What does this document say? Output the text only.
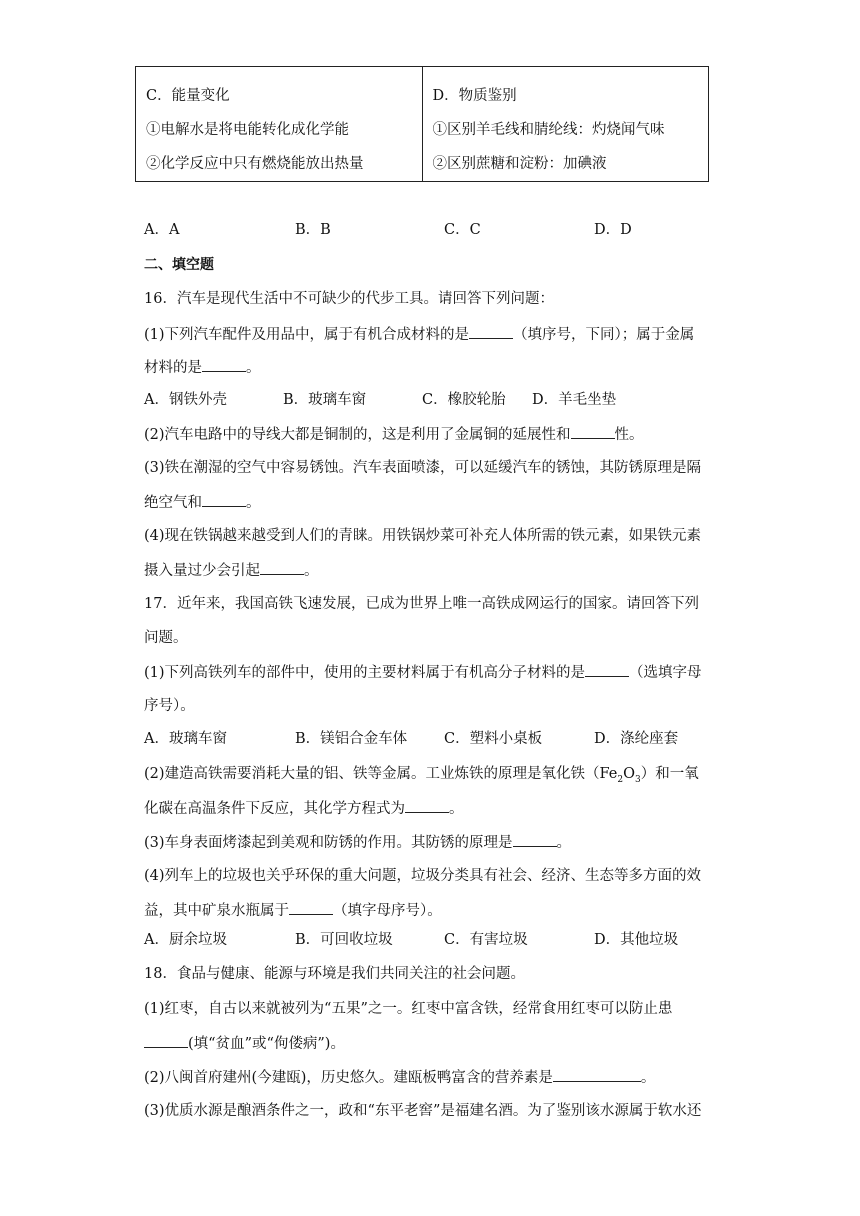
C．能量变化
①电解水是将电能转化成化学能
②化学反应中只有燃烧能放出热量

D．物质鉴别
①区别羊毛线和腈纶线：灼烧闻气味
②区别蔗糖和淀粉：加碘液
A．A	B．B	C．C	D．D
二、填空题
16．汽车是现代生活中不可缺少的代步工具。请回答下列问题：
(1)下列汽车配件及用品中，属于有机合成材料的是	（填序号，下同）；属于金属
材料的是	。
A．钢铁外壳	B．玻璃车窗	C．橡胶轮胎 D．羊毛坐垫
(2)汽车电路中的导线大都是铜制的，这是利用了金属铜的延展性和	性。
(3)铁在潮湿的空气中容易锈蚀。汽车表面喷漆，可以延缓汽车的锈蚀，其防锈原理是隔
绝空气和	。
(4)现在铁锅越来越受到人们的青睐。用铁锅炒菜可补充人体所需的铁元素，如果铁元素
摄入量过少会引起	。
17．近年来，我国高铁飞速发展，已成为世界上唯一高铁成网运行的国家。请回答下列
问题。
(1)下列高铁列车的部件中，使用的主要材料属于有机高分子材料的是	（选填字母
序号）。
A．玻璃车窗	B．镁铝合金车体	C．塑料小桌板	D．涤纶座套
(2)建造高铁需要消耗大量的铝、铁等金属。工业炼铁的原理是氧化铁$(Fe_2O_3)$和一氧
化碳在高温条件下反应，其化学方程式为	。
(3)车身表面烤漆起到美观和防锈的作用。其防锈的原理是	。
(4)列车上的垃圾也关乎环保的重大问题，垃圾分类具有社会、经济、生态等多方面的效
益，其中矿泉水瓶属于	（填字母序号）。
A．厨余垃圾	B．可回收垃圾	C．有害垃圾	D．其他垃圾
18．食品与健康、能源与环境是我们共同关注的社会问题。
(1)红枣，自古以来就被列为“五果”之一。红枣中富含铁，经常食用红枣可以防止患
(填“贫血”或“佝偻病”)。
(2)八闽首府建州(今建瓯)，历史悠久。建瓯板鸭富含的营养素是	。
(3)优质水源是酿酒条件之一，政和“东平老窖”是福建名酒。为了鉴别该水源属于软水还
